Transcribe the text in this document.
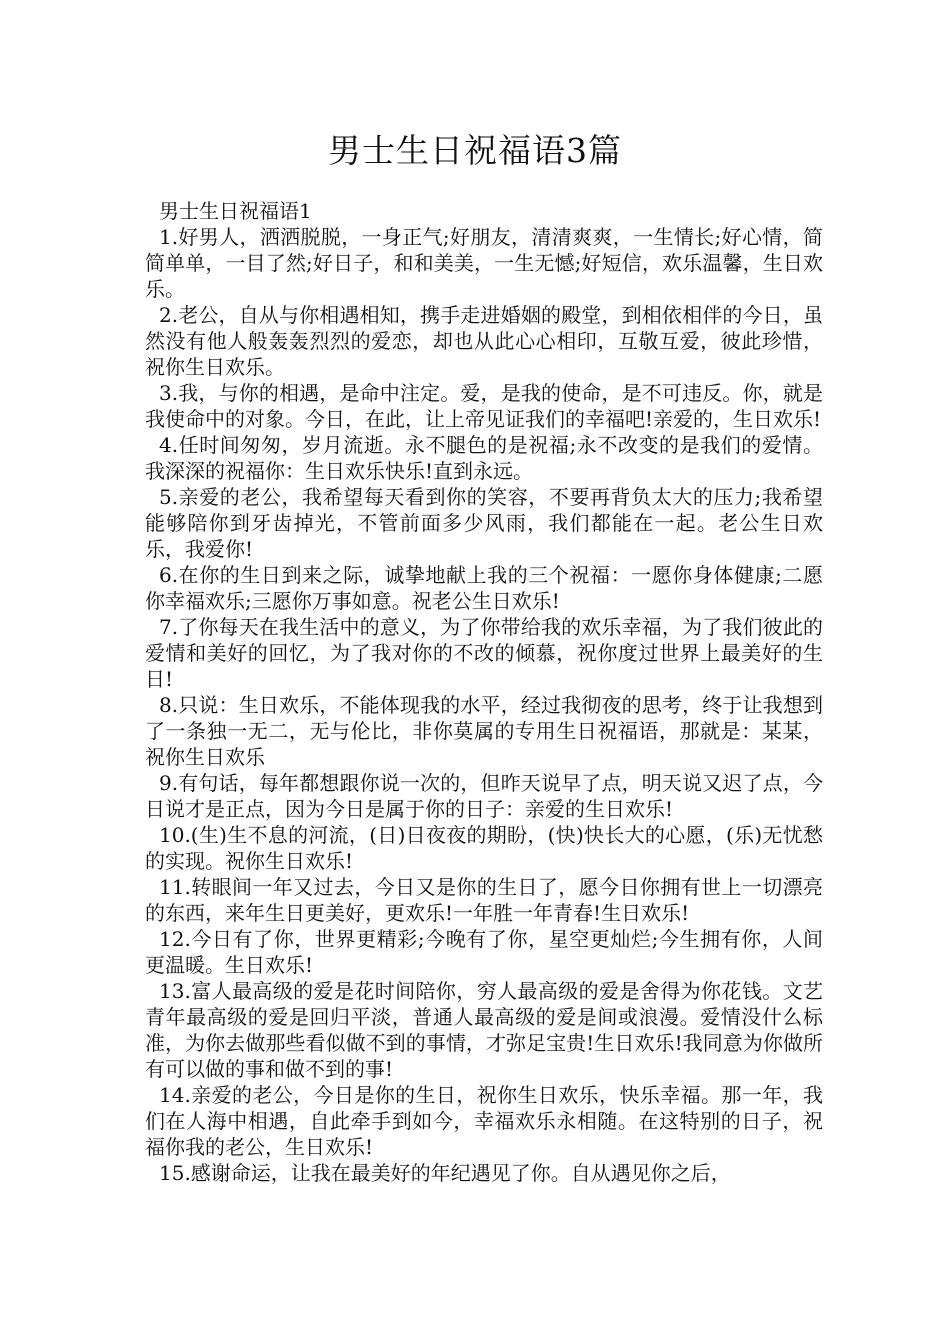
男士生日祝福语3篇

男士生日祝福语1

1.好男人，洒洒脱脱，一身正气;好朋友，清清爽爽，一生情长;好心情，简简单单，一目了然;好日子，和和美美，一生无憾;好短信，欢乐温馨，生日欢乐。

2.老公，自从与你相遇相知，携手走进婚姻的殿堂，到相依相伴的今日，虽然没有他人般轰轰烈烈的爱恋，却也从此心心相印，互敬互爱，彼此珍惜，祝你生日欢乐。

3.我，与你的相遇，是命中注定。爱，是我的使命，是不可违反。你，就是我使命中的对象。今日，在此，让上帝见证我们的幸福吧!亲爱的，生日欢乐!

4.任时间匆匆，岁月流逝。永不腿色的是祝福;永不改变的是我们的爱情。我深深的祝福你：生日欢乐快乐!直到永远。

5.亲爱的老公，我希望每天看到你的笑容，不要再背负太大的压力;我希望能够陪你到牙齿掉光，不管前面多少风雨，我们都能在一起。老公生日欢乐，我爱你!

6.在你的生日到来之际，诚挚地献上我的三个祝福：一愿你身体健康;二愿你幸福欢乐;三愿你万事如意。祝老公生日欢乐!

7.了你每天在我生活中的意义，为了你带给我的欢乐幸福，为了我们彼此的爱情和美好的回忆，为了我对你的不改的倾慕，祝你度过世界上最美好的生日!

8.只说：生日欢乐，不能体现我的水平，经过我彻夜的思考，终于让我想到了一条独一无二，无与伦比，非你莫属的专用生日祝福语，那就是：某某，祝你生日欢乐

9.有句话，每年都想跟你说一次的，但昨天说早了点，明天说又迟了点，今日说才是正点，因为今日是属于你的日子：亲爱的生日欢乐!

10.(生)生不息的河流，(日)日夜夜的期盼，(快)快长大的心愿，(乐)无忧愁的实现。祝你生日欢乐!

11.转眼间一年又过去，今日又是你的生日了，愿今日你拥有世上一切漂亮的东西，来年生日更美好，更欢乐!一年胜一年青春!生日欢乐!

12.今日有了你，世界更精彩;今晚有了你，星空更灿烂;今生拥有你，人间更温暖。生日欢乐!

13.富人最高级的爱是花时间陪你，穷人最高级的爱是舍得为你花钱。文艺青年最高级的爱是回归平淡，普通人最高级的爱是间或浪漫。爱情没什么标准，为你去做那些看似做不到的事情，才弥足宝贵!生日欢乐!我同意为你做所有可以做的事和做不到的事!

14.亲爱的老公，今日是你的生日，祝你生日欢乐，快乐幸福。那一年，我们在人海中相遇，自此牵手到如今，幸福欢乐永相随。在这特别的日子，祝福你我的老公，生日欢乐!

15.感谢命运，让我在最美好的年纪遇见了你。自从遇见你之后，
